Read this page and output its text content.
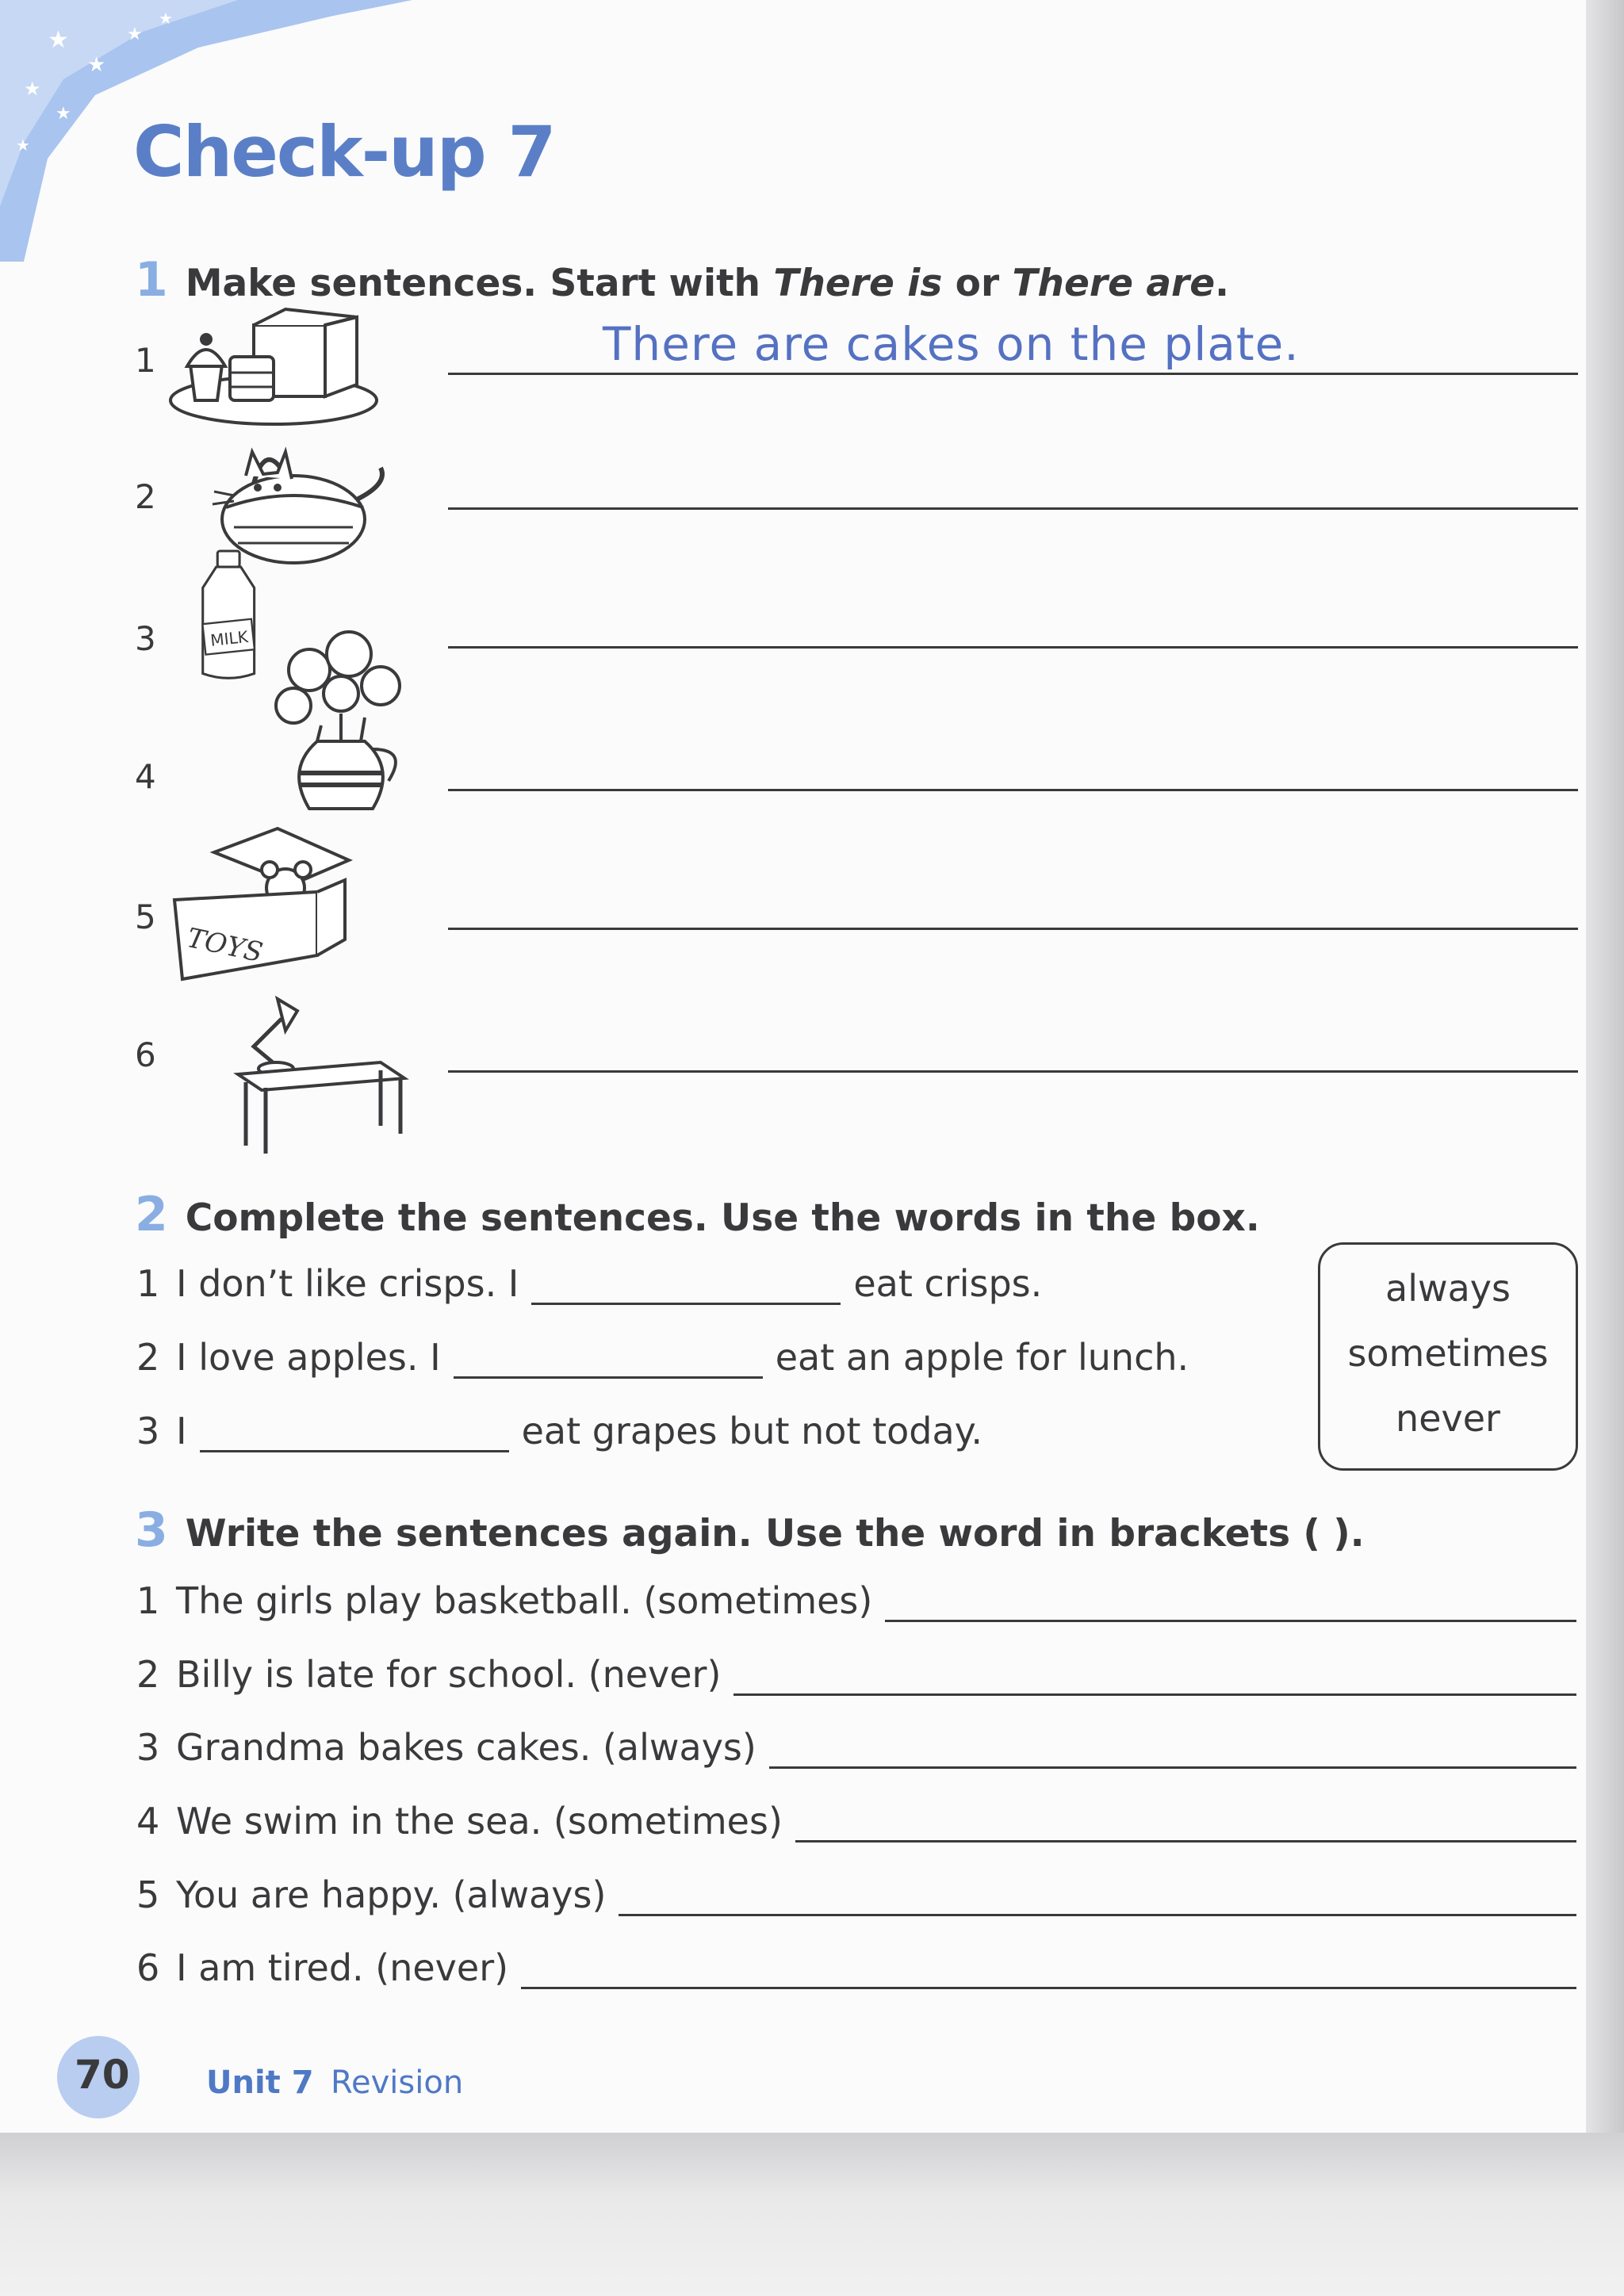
★
★
★
★
★
★
★ Check-up 7
1 Make sentences. Start with There is or There are.
1	There are cakes on the plate.
2
3	MILK
4
5
TOYS
6
2 Complete the sentences. Use the words in the box.
1 I don’t like crisps. I	eat crisps.
2 I love apples. I	eat an apple for lunch.
3 I	eat grapes but not today.
always
sometimes
never
3 Write the sentences again. Use the word in brackets ( ).
1 The girls play basketball. (sometimes)
2 Billy is late for school. (never)
3 Grandma bakes cakes. (always)
4 We swim in the sea. (sometimes)
5 You are happy. (always)
6 I am tired. (never)
70 Unit 7 Revision
